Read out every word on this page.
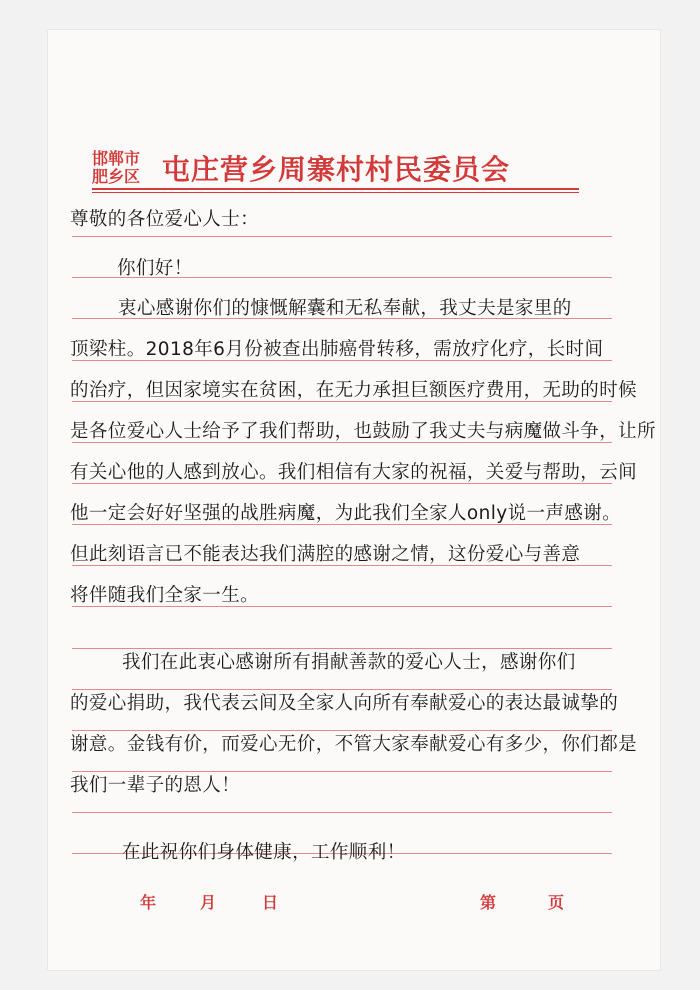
邯郸市
肥乡区 屯庄营乡周寨村村民委员会
尊敬的各位爱心人士：
你们好！
衷心感谢你们的慷慨解囊和无私奉献，我丈夫是家里的
顶梁柱。2018年6月份被查出肺癌骨转移，需放疗化疗，长时间
的治疗，但因家境实在贫困，在无力承担巨额医疗费用，无助的时候
是各位爱心人士给予了我们帮助，也鼓励了我丈夫与病魔做斗争，让所
有关心他的人感到放心。我们相信有大家的祝福，关爱与帮助，云间
他一定会好好坚强的战胜病魔，为此我们全家人only说一声感谢。
但此刻语言已不能表达我们满腔的感谢之情，这份爱心与善意
将伴随我们全家一生。
我们在此衷心感谢所有捐献善款的爱心人士，感谢你们
的爱心捐助，我代表云间及全家人向所有奉献爱心的表达最诚挚的
谢意。金钱有价，而爱心无价，不管大家奉献爱心有多少，你们都是
我们一辈子的恩人！
在此祝你们身体健康，工作顺利！
年	月	日	第	页
